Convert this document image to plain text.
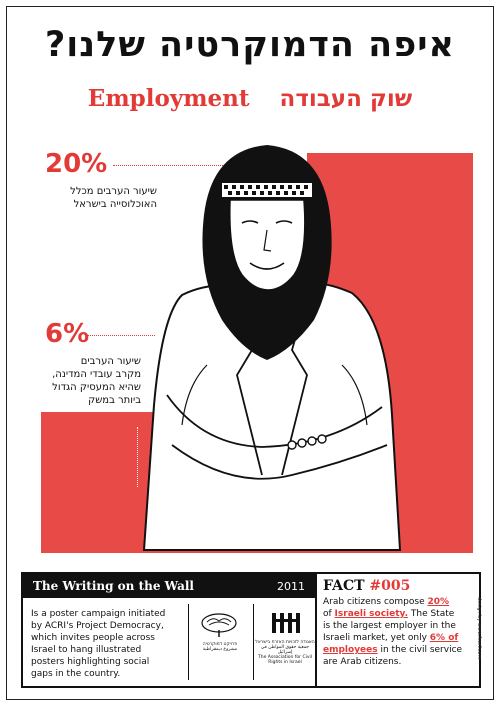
איפה הדמוקרטיה שלנו?
Employment שוק העבודה
20%
שיעור הערבים מכלל
האוכלוסייה בישראל
6%
שיעור הערבים
מקרב עובדי המדינה,
שהיא המעסיק הגדול
ביותר במשק
The Writing on the Wall	2011
Is a poster campaign initiated
by ACRI's Project Democracy,
which invites people across
Israel to hang illustrated
posters highlighting social
gaps in the country.
פרויקט דמוקרטיה
مشروع ديمقراطية
האגודה לזכויות האזרח בישראל
جمعية حقوق المواطن في إسرائيل
The Association for Civil Rights in Israel
FACT #005
Arab citizens compose 20%
of Israeli society. The State
is the largest employer in the
Israeli market, yet only 6% of
employees in the civil service
are Arab citizens.
design by www.fsarf.com
